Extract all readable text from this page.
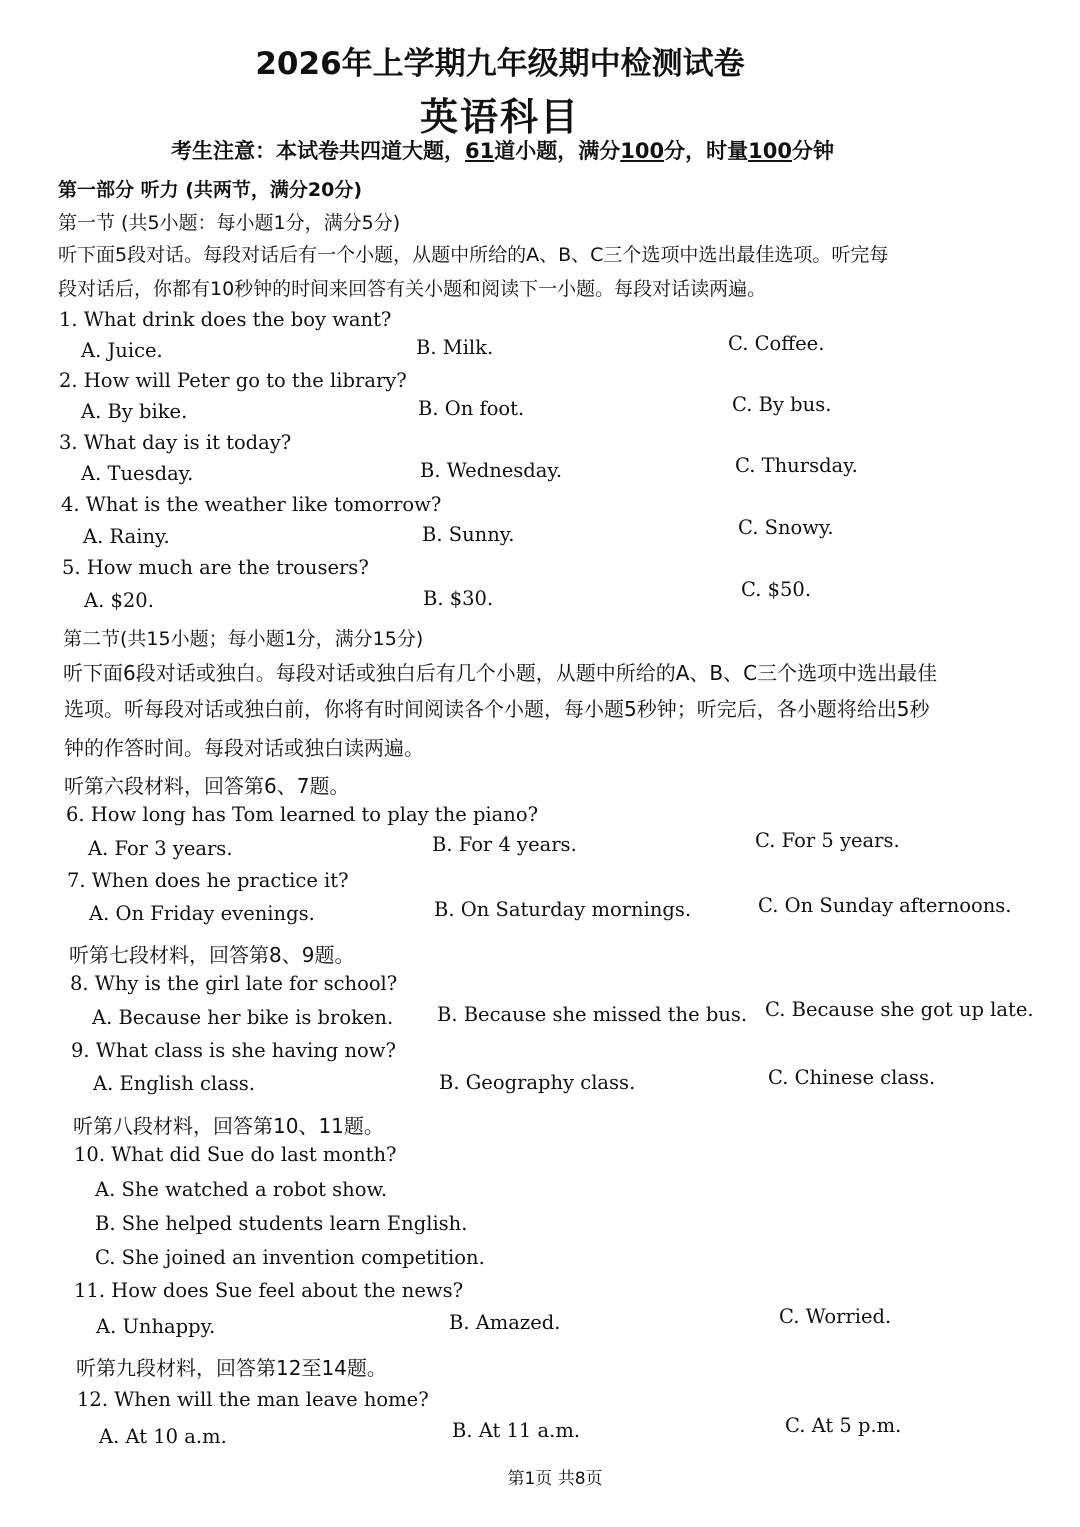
2026年上学期九年级期中检测试卷
英语科目
考生注意：本试卷共四道大题，61道小题，满分100分，时量100分钟
第一部分 听力 (共两节，满分20分)
第一节 (共5小题：每小题1分，满分5分)
听下面5段对话。每段对话后有一个小题，从题中所给的A、B、C三个选项中选出最佳选项。听完每
段对话后，你都有10秒钟的时间来回答有关小题和阅读下一小题。每段对话读两遍。
1. What drink does the boy want?
A. Juice.	B. Milk.	C. Coffee.
2. How will Peter go to the library?
A. By bike.	B. On foot.	C. By bus.
3. What day is it today?
A. Tuesday.	B. Wednesday.	C. Thursday.
4. What is the weather like tomorrow?
A. Rainy.	B. Sunny.	C. Snowy.
5. How much are the trousers?
A. $20.	B. $30.	C. $50.
第二节(共15小题；每小题1分，满分15分)
听下面6段对话或独白。每段对话或独白后有几个小题，从题中所给的A、B、C三个选项中选出最佳
选项。听每段对话或独白前，你将有时间阅读各个小题，每小题5秒钟；听完后，各小题将给出5秒
钟的作答时间。每段对话或独白读两遍。
听第六段材料，回答第6、7题。
6. How long has Tom learned to play the piano?
A. For 3 years.	B. For 4 years.	C. For 5 years.
7. When does he practice it?
A. On Friday evenings.	B. On Saturday mornings.	C. On Sunday afternoons.
听第七段材料，回答第8、9题。
8. Why is the girl late for school?
A. Because her bike is broken. B. Because she missed the bus. C. Because she got up late.
9. What class is she having now?
A. English class.	B. Geography class.	C. Chinese class.
听第八段材料，回答第10、11题。
10. What did Sue do last month?
A. She watched a robot show.
B. She helped students learn English.
C. She joined an invention competition.
11. How does Sue feel about the news?
A. Unhappy.	B. Amazed.	C. Worried.
听第九段材料，回答第12至14题。
12. When will the man leave home?
A. At 10 a.m.	B. At 11 a.m.	C. At 5 p.m.
第1页 共8页
